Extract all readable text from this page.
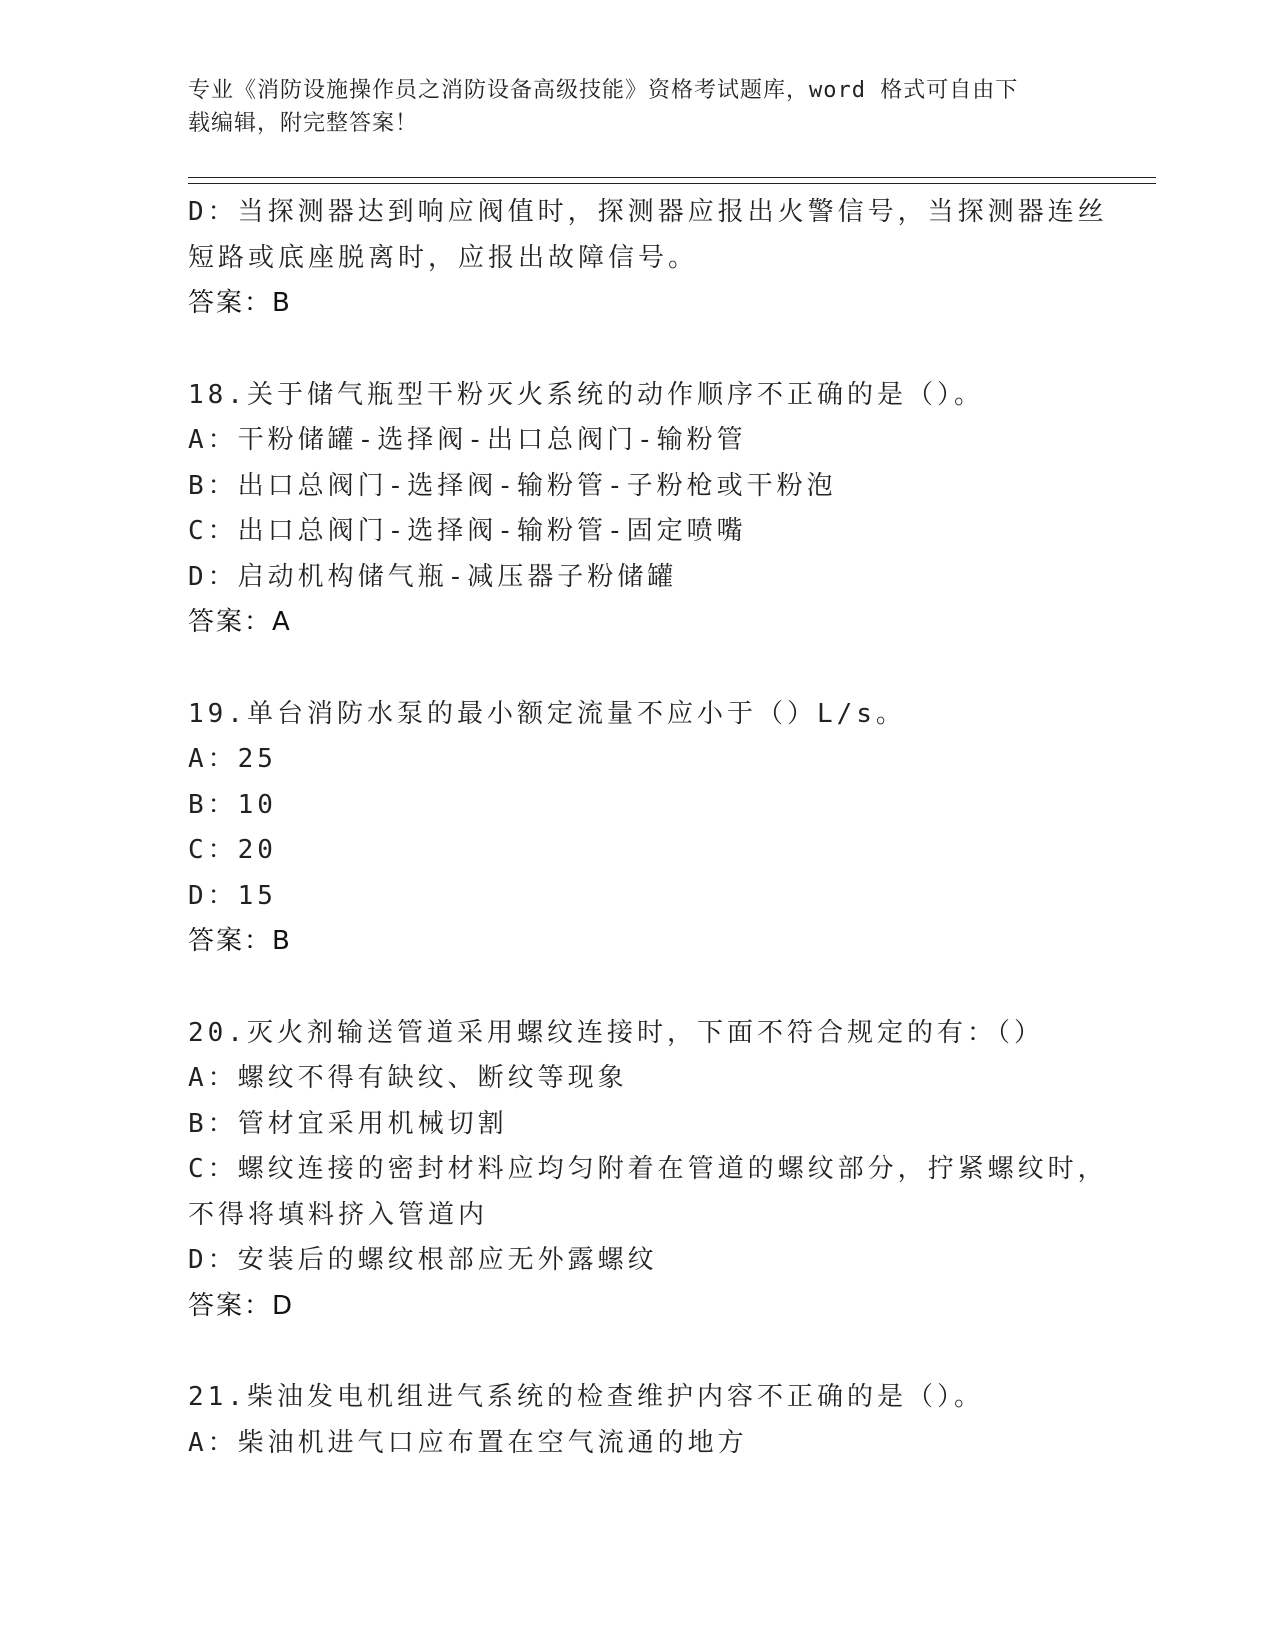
专业《消防设施操作员之消防设备高级技能》资格考试题库，word 格式可自由下
载编辑，附完整答案！
D：当探测器达到响应阀值时，探测器应报出火警信号，当探测器连丝
短路或底座脱离时，应报出故障信号。
答案：B
18.关于储气瓶型干粉灭火系统的动作顺序不正确的是（）。
A：干粉储罐-选择阀-出口总阀门-输粉管
B：出口总阀门-选择阀-输粉管-子粉枪或干粉泡
C：出口总阀门-选择阀-输粉管-固定喷嘴
D：启动机构储气瓶-减压器子粉储罐
答案：A
19.单台消防水泵的最小额定流量不应小于（）L/s。
A：25
B：10
C：20
D：15
答案：B
20.灭火剂输送管道采用螺纹连接时，下面不符合规定的有：（）
A：螺纹不得有缺纹、断纹等现象
B：管材宜采用机械切割
C：螺纹连接的密封材料应均匀附着在管道的螺纹部分，拧紧螺纹时，
不得将填料挤入管道内
D：安装后的螺纹根部应无外露螺纹
答案：D
21.柴油发电机组进气系统的检查维护内容不正确的是（）。
A：柴油机进气口应布置在空气流通的地方
